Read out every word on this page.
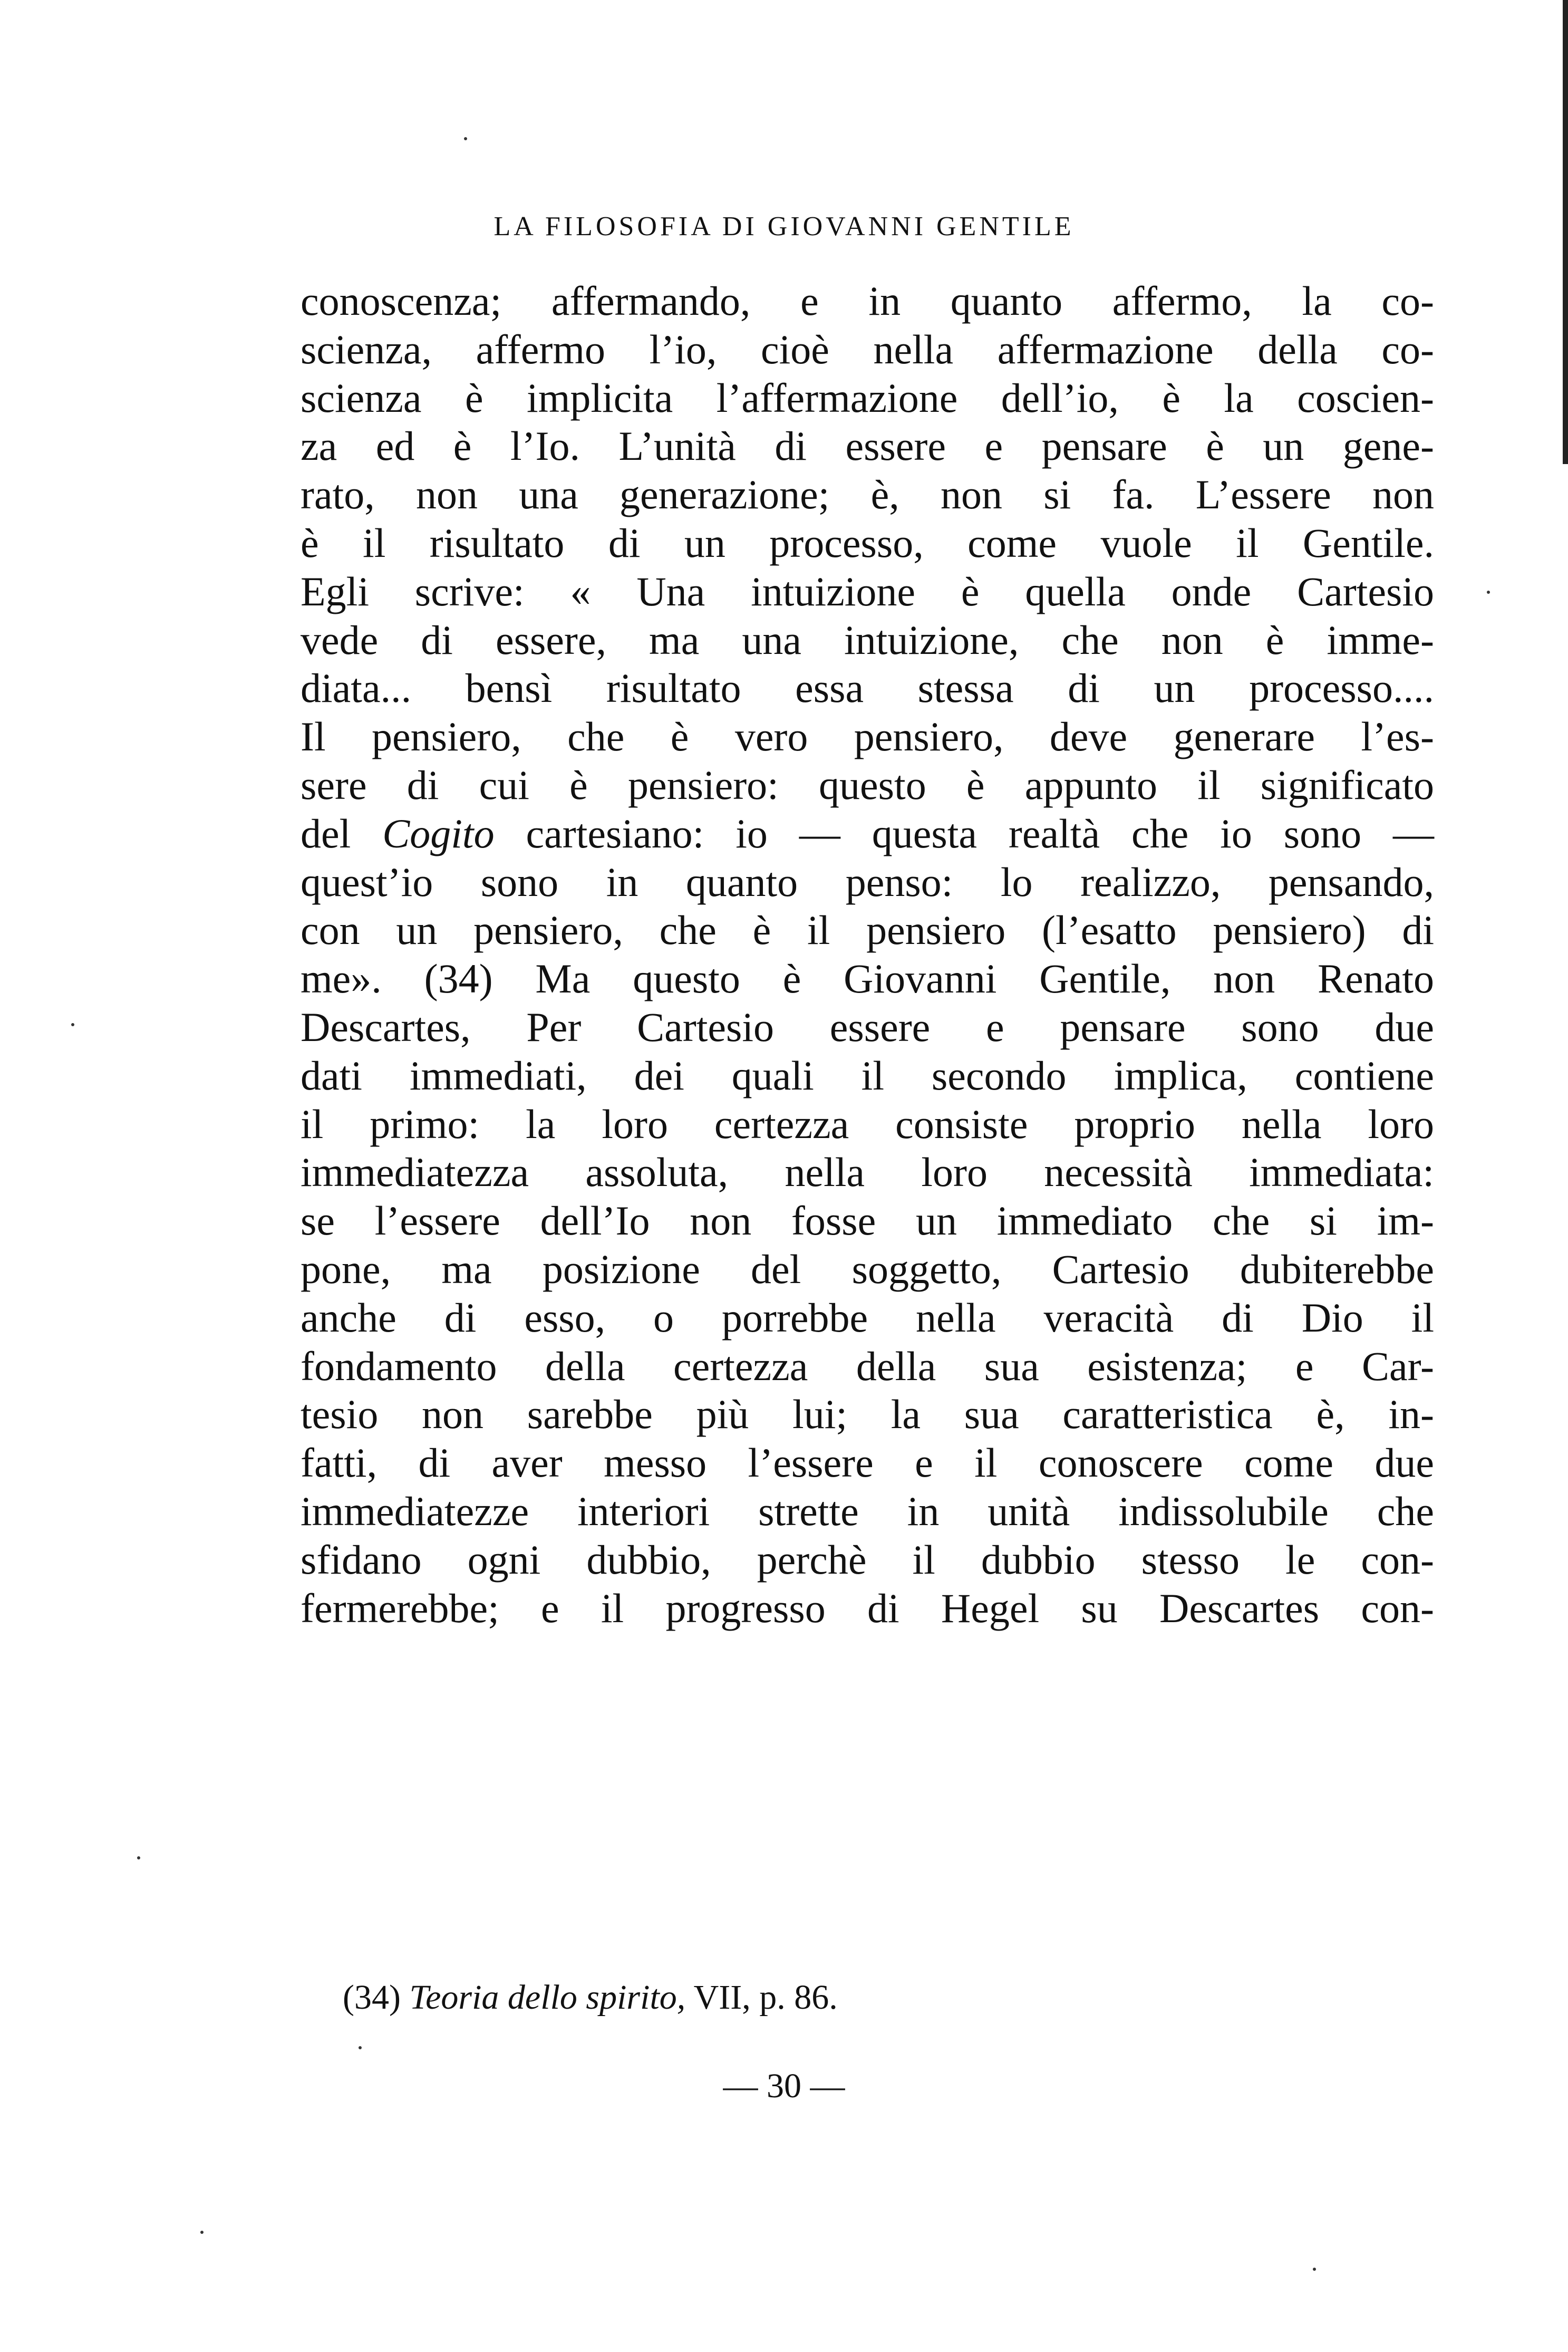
LA FILOSOFIA DI GIOVANNI GENTILE
conoscenza; affermando, e in quanto affermo, la co-
scienza, affermo l’io, cioè nella affermazione della co-
scienza è implicita l’affermazione dell’io, è la coscien-
za ed è l’Io. L’unità di essere e pensare è un gene-
rato, non una generazione; è, non si fa. L’essere non
è il risultato di un processo, come vuole il Gentile.
Egli scrive: « Una intuizione è quella onde Cartesio
vede di essere, ma una intuizione, che non è imme-
diata... bensì risultato essa stessa di un processo....
Il pensiero, che è vero pensiero, deve generare l’es-
sere di cui è pensiero: questo è appunto il significato
del Cogito cartesiano: io — questa realtà che io sono —
quest’io sono in quanto penso: lo realizzo, pensando,
con un pensiero, che è il pensiero (l’esatto pensiero) di
me». (34) Ma questo è Giovanni Gentile, non Renato
Descartes, Per Cartesio essere e pensare sono due
dati immediati, dei quali il secondo implica, contiene
il primo: la loro certezza consiste proprio nella loro
immediatezza assoluta, nella loro necessità immediata:
se l’essere dell’Io non fosse un immediato che si im-
pone, ma posizione del soggetto, Cartesio dubiterebbe
anche di esso, o porrebbe nella veracità di Dio il
fondamento della certezza della sua esistenza; e Car-
tesio non sarebbe più lui; la sua caratteristica è, in-
fatti, di aver messo l’essere e il conoscere come due
immediatezze interiori strette in unità indissolubile che
sfidano ogni dubbio, perchè il dubbio stesso le con-
fermerebbe; e il progresso di Hegel su Descartes con-
(34) Teoria dello spirito, VII, p. 86.
— 30 —
